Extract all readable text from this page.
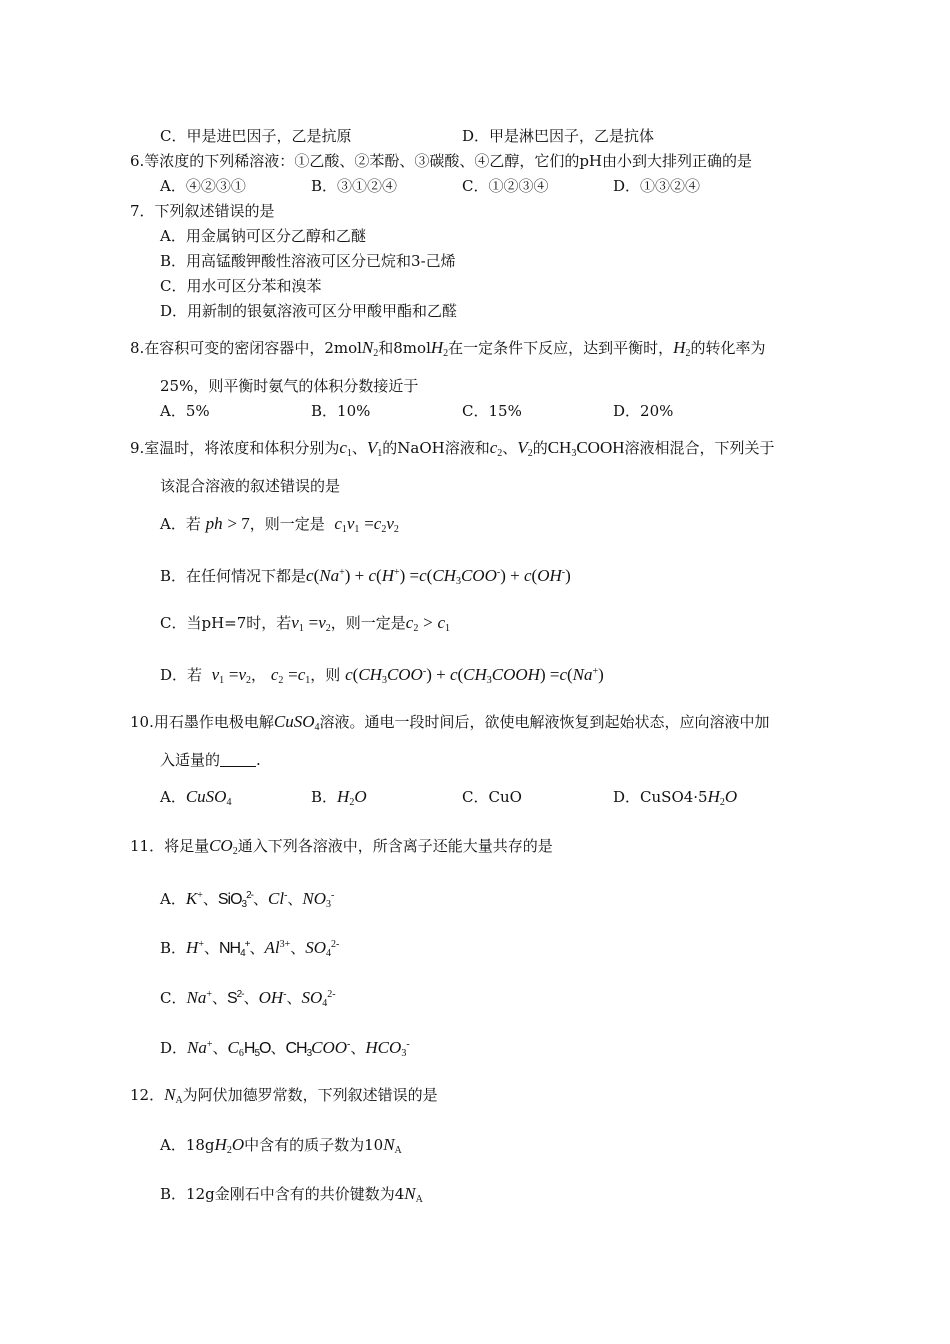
C．甲是进巴因子，乙是抗原	D．甲是淋巴因子，乙是抗体
6.等浓度的下列稀溶液：①乙酸、②苯酚、③碳酸、④乙醇，它们的pH由小到大排列正确的是
A．④②③①	B．③①②④	C．①②③④	D．①③②④
7．下列叙述错误的是
A．用金属钠可区分乙醇和乙醚
B．用高锰酸钾酸性溶液可区分已烷和3-己烯
C．用水可区分苯和溴苯
D．用新制的银氨溶液可区分甲酸甲酯和乙醛
8.在容积可变的密闭容器中，2molN$_2$和8molH$_2$在一定条件下反应，达到平衡时，$H_2$的转化率为
25%，则平衡时氨气的体积分数接近于
A．5%	B．10%	C．15%	D．20%
9.室温时，将浓度和体积分别为$c_1$、$V_1$的NaOH溶液和$c_2$、$V_2$的$CH_3COOH$溶液相混合，下列关于
该混合溶液的叙述错误的是
A．若 ph > 7，则一定是 $c_1v_1 =c_2v_2$
B．在任何情况下都是$c(Na^+) + c(H^+) =c(CH_3COO^-) + c(OH^-)$
C．当pH=7时，若$v_1 =v_2$，则一定是$c_2 > c_1$
D．若 $v_1 =v_2$， $c_2 =c_1$，则 $c(CH_3COO^-)$ + $c(CH_3COOH) =c(Na^+)$
10.用石墨作电极电解CuSO$_4$溶液。通电一段时间后，欲使电解液恢复到起始状态，应向溶液中加
入适量的 .
A．CuSO$_4$	B．$H_2O$	C．CuO	D．$CuSO4\cdot 5H_2O$
11．将足量$CO_2$通入下列各溶液中，所含离子还能大量共存的是
A．K+、SiO$_3^{2-}$、Cl-、$NO_3^-$
B．H+、$NH_4^+$、$Al^{3+}$、$SO_4^{2-}$
C．Na+、$S^{2-}$、OH-、$SO_4^{2-}$
D．Na+、$C_6H_5O$、$CH_3COO^-$、$HCO_3^-$
12．$N_A$为阿伏加德罗常数，下列叙述错误的是
A．$18gH_2O$中含有的质子数为$10N_A$
B．12g金刚石中含有的共价键数为$4N_A$
